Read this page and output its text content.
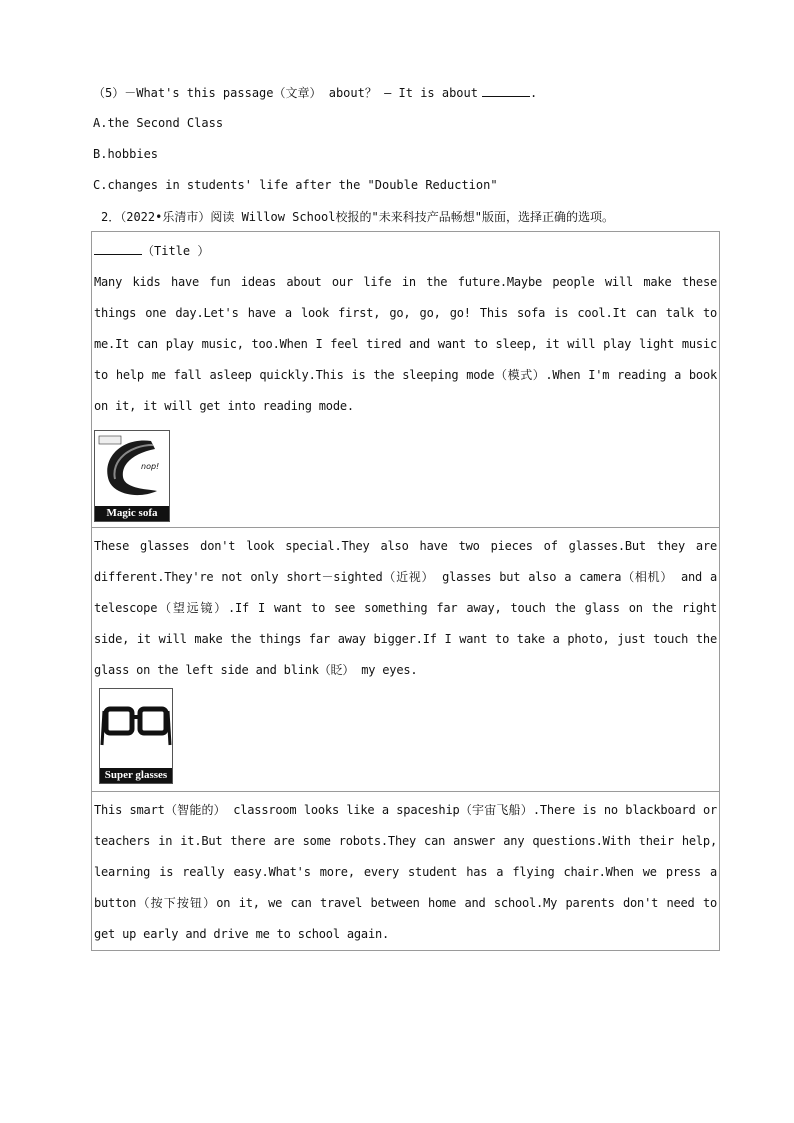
（5）－What's this passage（文章） about？ – It is about	.
A.the Second Class
B.hobbies
C.changes in students' life after the "Double Reduction"
2．（2022•乐清市）阅读 Willow School校报的"未来科技产品畅想"版面，选择正确的选项。
（Title ）
Many kids have fun ideas about our life in the future.Maybe people will make these things one day.Let's have a look first, go, go, go! This sofa is cool.It can talk to me.It can play music, too.When I feel tired and want to sleep, it will play light music to help me fall asleep quickly.This is the sleeping mode（模式）.When I'm reading a book on it, it will get into reading mode.
nop!
Magic sofa
These glasses don't look special.They also have two pieces of glasses.But they are different.They're not only short－sighted（近视） glasses but also a camera（相机） and a telescope（望远镜）.If I want to see something far away, touch the glass on the right side, it will make the things far away bigger.If I want to take a photo, just touch the glass on the left side and blink（眨） my eyes.
Super glasses
This smart（智能的） classroom looks like a spaceship（宇宙飞船）.There is no blackboard or teachers in it.But there are some robots.They can answer any questions.With their help, learning is really easy.What's more, every student has a flying chair.When we press a button（按下按钮）on it, we can travel between home and school.My parents don't need to get up early and drive me to school again.
